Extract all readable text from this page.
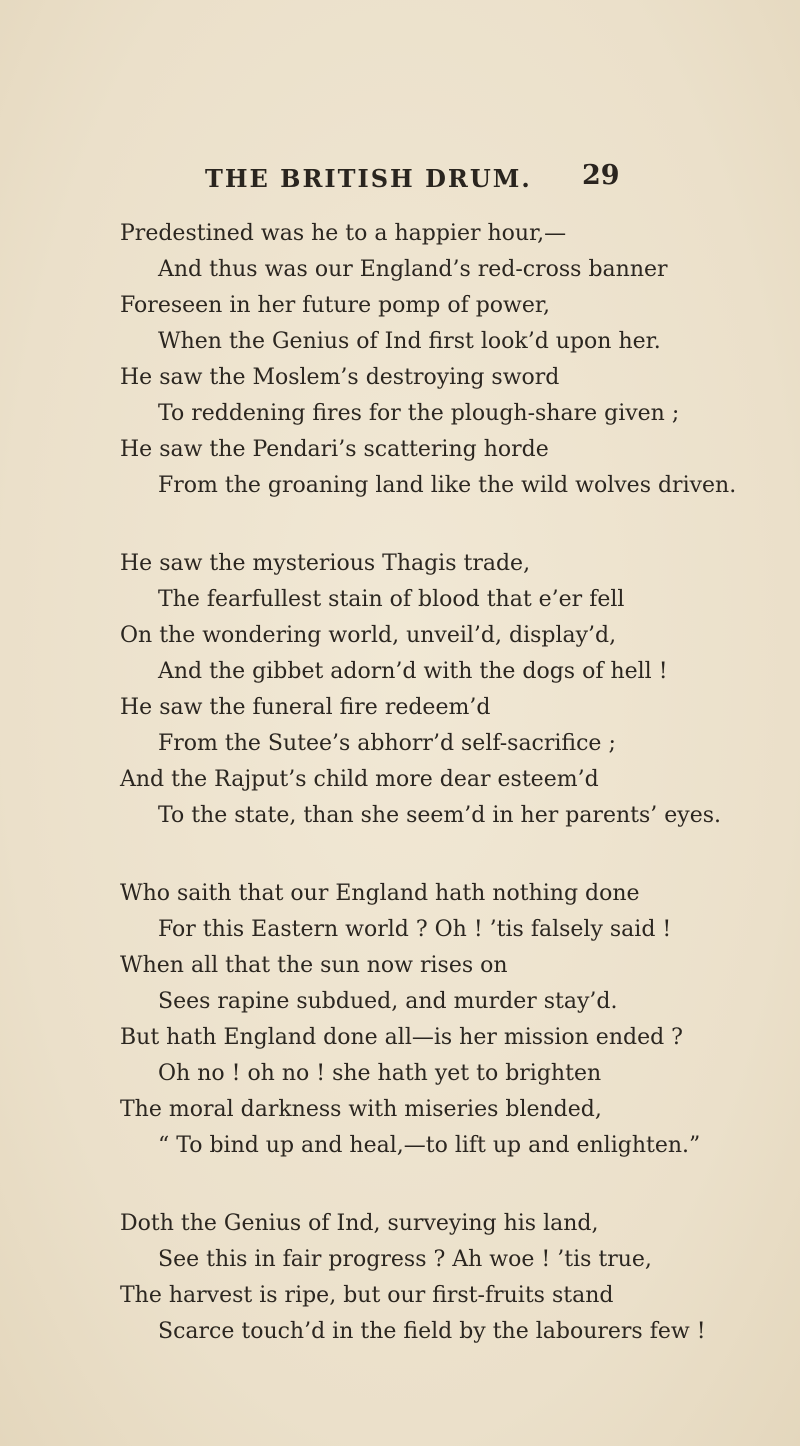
THE BRITISH DRUM. 29
Predestined was he to a happier hour,—
And thus was our England’s red-cross banner
Foreseen in her future pomp of power,
When the Genius of Ind first look’d upon her.
He saw the Moslem’s destroying sword
To reddening fires for the plough-share given ;
He saw the Pendari’s scattering horde
From the groaning land like the wild wolves driven.
He saw the mysterious Thagis trade,
The fearfullest stain of blood that e’er fell
On the wondering world, unveil’d, display’d,
And the gibbet adorn’d with the dogs of hell !
He saw the funeral fire redeem’d
From the Sutee’s abhorr’d self-sacrifice ;
And the Rajput’s child more dear esteem’d
To the state, than she seem’d in her parents’ eyes.
Who saith that our England hath nothing done
For this Eastern world ? Oh ! ’tis falsely said !
When all that the sun now rises on
Sees rapine subdued, and murder stay’d.
But hath England done all—is her mission ended ?
Oh no ! oh no ! she hath yet to brighten
The moral darkness with miseries blended,
“ To bind up and heal,—to lift up and enlighten.”
Doth the Genius of Ind, surveying his land,
See this in fair progress ? Ah woe ! ’tis true,
The harvest is ripe, but our first-fruits stand
Scarce touch’d in the field by the labourers few !
